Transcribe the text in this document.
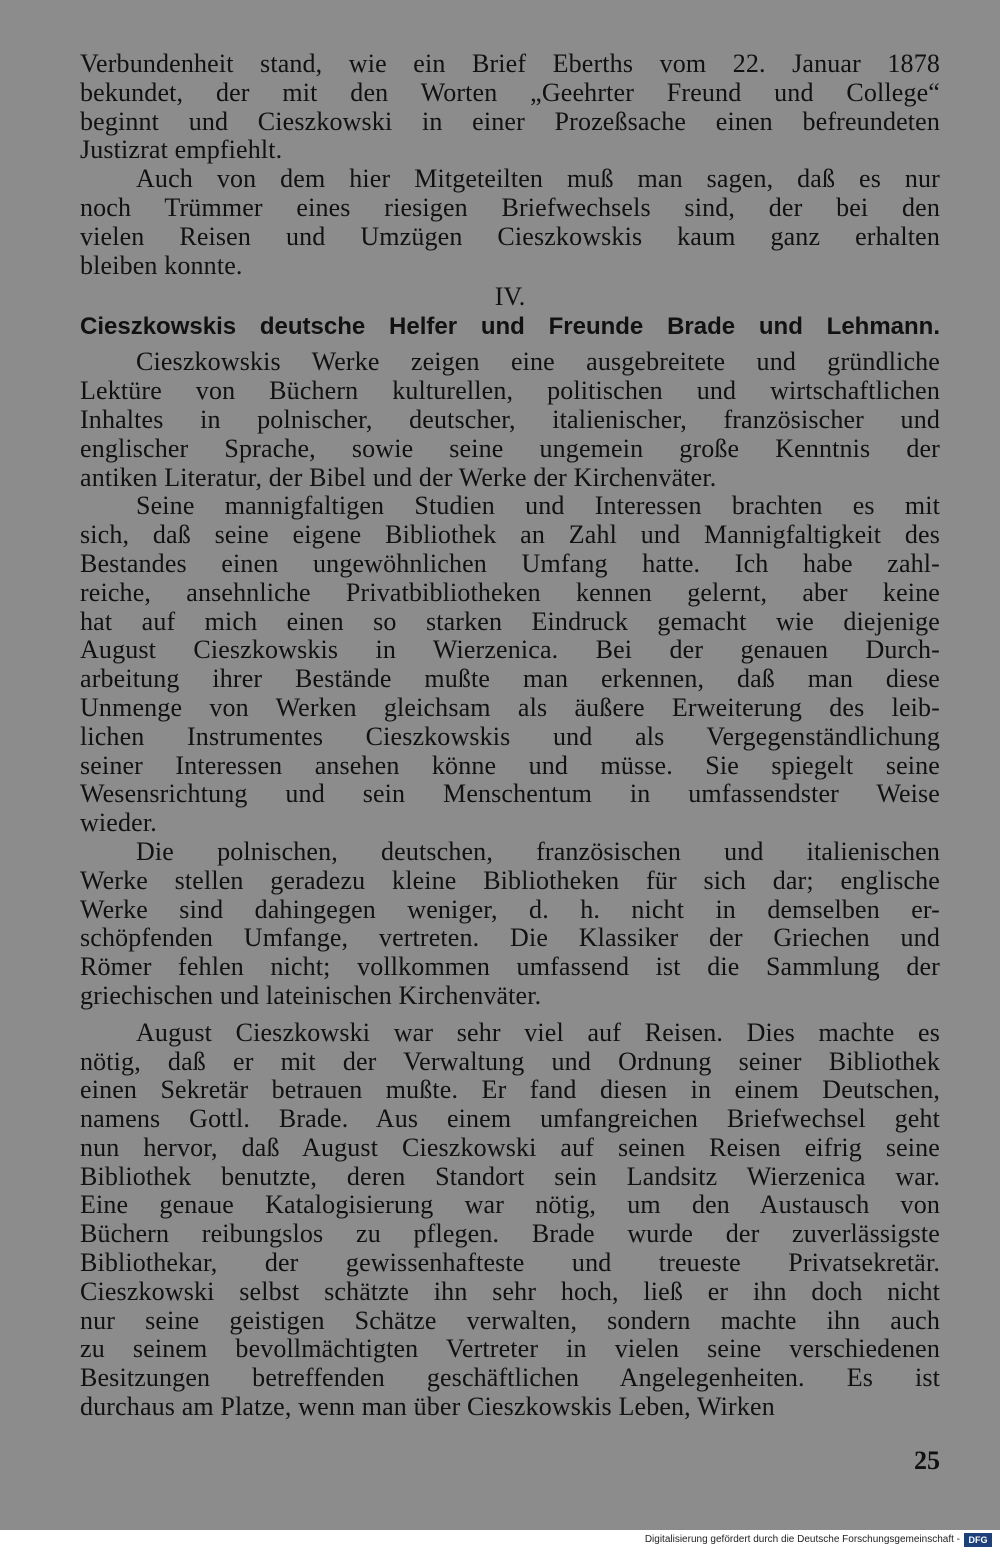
Verbundenheit stand, wie ein Brief Eberths vom 22. Januar 1878
bekundet, der mit den Worten „Geehrter Freund und College“
beginnt und Cieszkowski in einer Prozeßsache einen befreundeten
Justizrat empfiehlt.
Auch von dem hier Mitgeteilten muß man sagen, daß es nur
noch Trümmer eines riesigen Briefwechsels sind, der bei den
vielen Reisen und Umzügen Cieszkowskis kaum ganz erhalten
bleiben konnte.
IV.
Cieszkowskis deutsche Helfer und Freunde Brade und Lehmann.
Cieszkowskis Werke zeigen eine ausgebreitete und gründliche
Lektüre von Büchern kulturellen, politischen und wirtschaftlichen
Inhaltes in polnischer, deutscher, italienischer, französischer und
englischer Sprache, sowie seine ungemein große Kenntnis der
antiken Literatur, der Bibel und der Werke der Kirchenväter.
Seine mannigfaltigen Studien und Interessen brachten es mit
sich, daß seine eigene Bibliothek an Zahl und Mannigfaltigkeit des
Bestandes einen ungewöhnlichen Umfang hatte. Ich habe zahl-
reiche, ansehnliche Privatbibliotheken kennen gelernt, aber keine
hat auf mich einen so starken Eindruck gemacht wie diejenige
August Cieszkowskis in Wierzenica. Bei der genauen Durch-
arbeitung ihrer Bestände mußte man erkennen, daß man diese
Unmenge von Werken gleichsam als äußere Erweiterung des leib-
lichen Instrumentes Cieszkowskis und als Vergegenständlichung
seiner Interessen ansehen könne und müsse. Sie spiegelt seine
Wesensrichtung und sein Menschentum in umfassendster Weise
wieder.
Die polnischen, deutschen, französischen und italienischen
Werke stellen geradezu kleine Bibliotheken für sich dar; englische
Werke sind dahingegen weniger, d. h. nicht in demselben er-
schöpfenden Umfange, vertreten. Die Klassiker der Griechen und
Römer fehlen nicht; vollkommen umfassend ist die Sammlung der
griechischen und lateinischen Kirchenväter.
August Cieszkowski war sehr viel auf Reisen. Dies machte es
nötig, daß er mit der Verwaltung und Ordnung seiner Bibliothek
einen Sekretär betrauen mußte. Er fand diesen in einem Deutschen,
namens Gottl. Brade. Aus einem umfangreichen Briefwechsel geht
nun hervor, daß August Cieszkowski auf seinen Reisen eifrig seine
Bibliothek benutzte, deren Standort sein Landsitz Wierzenica war.
Eine genaue Katalogisierung war nötig, um den Austausch von
Büchern reibungslos zu pflegen. Brade wurde der zuverlässigste
Bibliothekar, der gewissenhafteste und treueste Privatsekretär.
Cieszkowski selbst schätzte ihn sehr hoch, ließ er ihn doch nicht
nur seine geistigen Schätze verwalten, sondern machte ihn auch
zu seinem bevollmächtigten Vertreter in vielen seine verschiedenen
Besitzungen betreffenden geschäftlichen Angelegenheiten. Es ist
durchaus am Platze, wenn man über Cieszkowskis Leben, Wirken
25
Digitalisierung gefördert durch die Deutsche Forschungsgemeinschaft - DFG
